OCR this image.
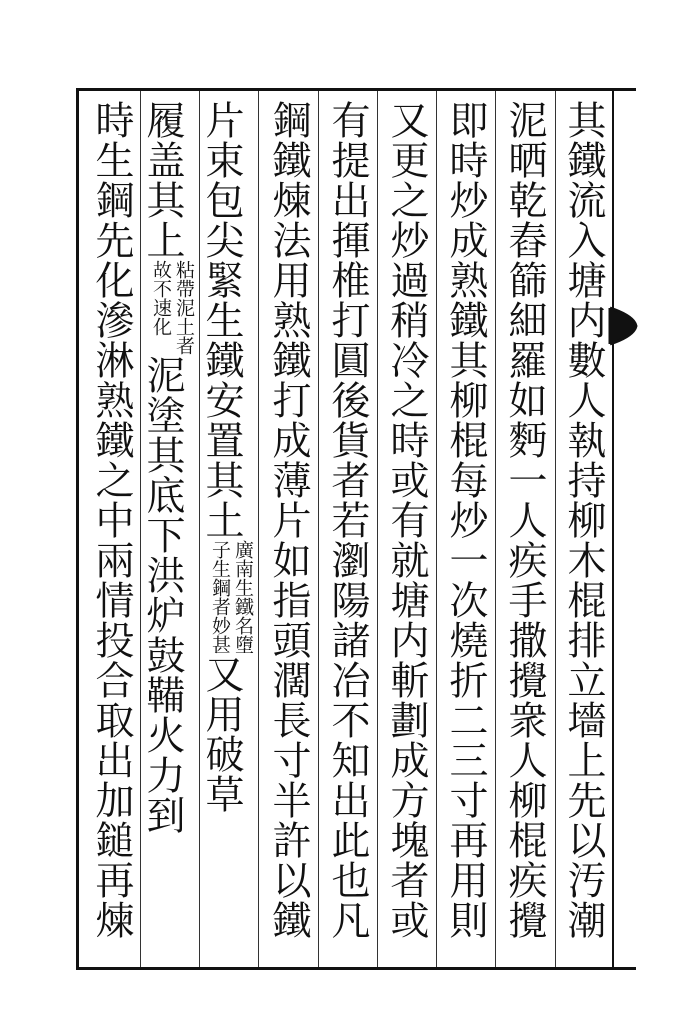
其鐵流入塘内數人執持柳木棍排立墻上先以汚潮
泥晒乾舂篩細羅如麪一人疾手撒攪衆人柳棍疾攪
即時炒成熟鐵其柳棍每炒一次燒折二三寸再用則
又更之炒過稍冷之時或有就塘内斬劃成方塊者或
有提出揮椎打圓後貨者若瀏陽諸冶不知出此也凡
鋼鐵煉法用熟鐵打成薄片如指頭濶長寸半許以鐵
片束包尖緊生鐵安置其土
廣南生鐵名墮
子生鋼者妙甚
又用破草
履盖其上
粘帶泥土者
故不速化
泥塗其底下洪炉鼓鞴火力到
時生鋼先化滲淋熟鐵之中兩情投合取出加鎚再煉
